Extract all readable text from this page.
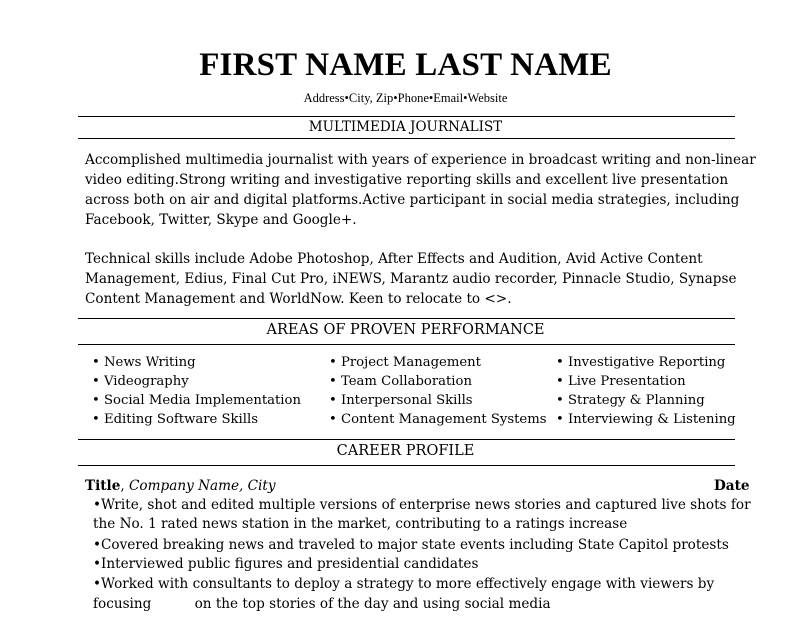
FIRST NAME LAST NAME
Address•City, Zip•Phone•Email•Website
MULTIMEDIA JOURNALIST
Accomplished multimedia journalist with years of experience in broadcast writing and non-linear
video editing.Strong writing and investigative reporting skills and excellent live presentation
across both on air and digital platforms.Active participant in social media strategies, including
Facebook, Twitter, Skype and Google+.
Technical skills include Adobe Photoshop, After Effects and Audition, Avid Active Content
Management, Edius, Final Cut Pro, iNEWS, Marantz audio recorder, Pinnacle Studio, Synapse
Content Management and WorldNow. Keen to relocate to <>.
AREAS OF PROVEN PERFORMANCE
• News Writing
• Videography
• Social Media Implementation
• Editing Software Skills
• Project Management
• Team Collaboration
• Interpersonal Skills
• Content Management Systems
• Investigative Reporting
• Live Presentation
• Strategy & Planning
• Interviewing & Listening
CAREER PROFILE
Title, Company Name, City	Date
•Write, shot and edited multiple versions of enterprise news stories and captured live shots for
the No. 1 rated news station in the market, contributing to a ratings increase
•Covered breaking news and traveled to major state events including State Capitol protests
•Interviewed public figures and presidential candidates
•Worked with consultants to deploy a strategy to more effectively engage with viewers by
focusing          on the top stories of the day and using social media
